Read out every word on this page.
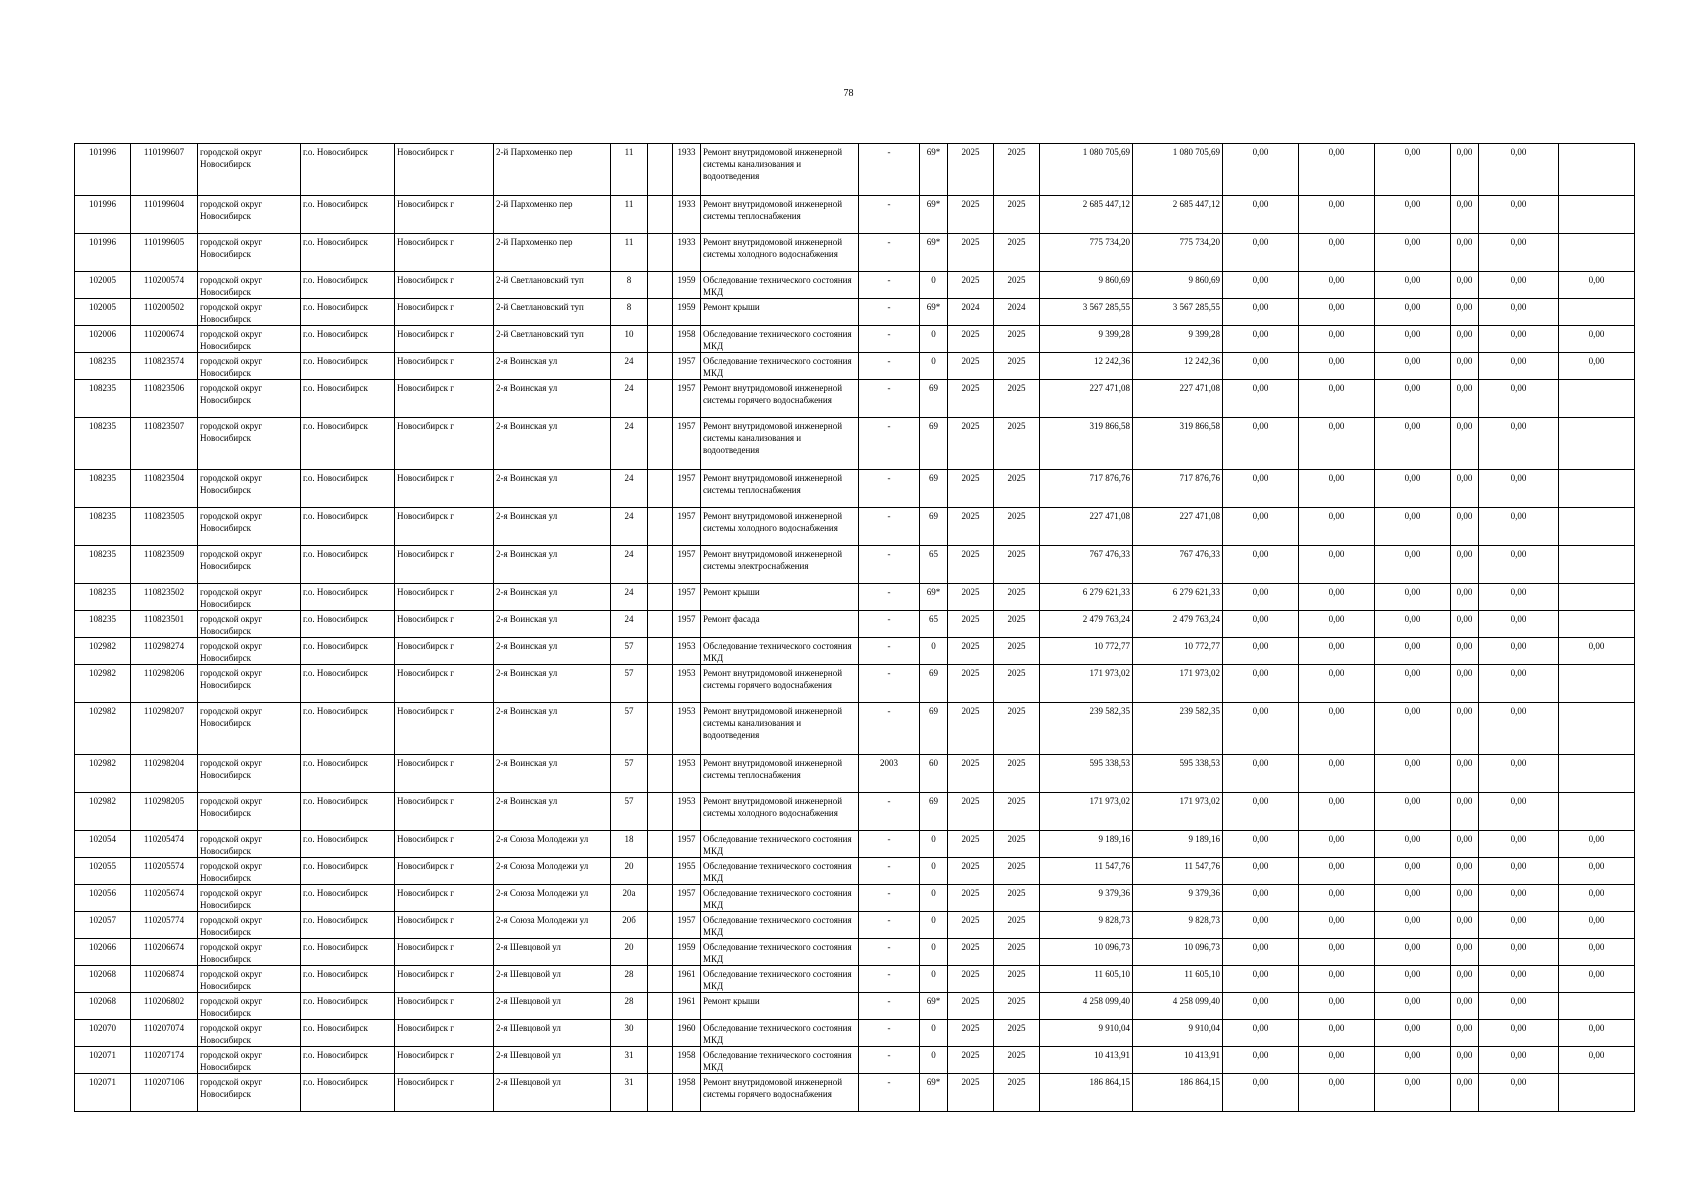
78
101996	110199607	городской округ Новосибирск	г.о. Новосибирск	Новосибирск г	2-й Пархоменко пер	11		1933	Ремонт внутридомовой инженерной системы канализования и водоотведения	-	69*	2025	2025	1 080 705,69	1 080 705,69	0,00	0,00	0,00	0,00	0,00	
101996	110199604	городской округ Новосибирск	г.о. Новосибирск	Новосибирск г	2-й Пархоменко пер	11		1933	Ремонт внутридомовой инженерной системы теплоснабжения	-	69*	2025	2025	2 685 447,12	2 685 447,12	0,00	0,00	0,00	0,00	0,00	
101996	110199605	городской округ Новосибирск	г.о. Новосибирск	Новосибирск г	2-й Пархоменко пер	11		1933	Ремонт внутридомовой инженерной системы холодного водоснабжения	-	69*	2025	2025	775 734,20	775 734,20	0,00	0,00	0,00	0,00	0,00	
102005	110200574	городской округ Новосибирск	г.о. Новосибирск	Новосибирск г	2-й Светлановский туп	8		1959	Обследование технического состояния МКД	-	0	2025	2025	9 860,69	9 860,69	0,00	0,00	0,00	0,00	0,00	0,00
102005	110200502	городской округ Новосибирск	г.о. Новосибирск	Новосибирск г	2-й Светлановский туп	8		1959	Ремонт крыши	-	69*	2024	2024	3 567 285,55	3 567 285,55	0,00	0,00	0,00	0,00	0,00	
102006	110200674	городской округ Новосибирск	г.о. Новосибирск	Новосибирск г	2-й Светлановский туп	10		1958	Обследование технического состояния МКД	-	0	2025	2025	9 399,28	9 399,28	0,00	0,00	0,00	0,00	0,00	0,00
108235	110823574	городской округ Новосибирск	г.о. Новосибирск	Новосибирск г	2-я Воинская ул	24		1957	Обследование технического состояния МКД	-	0	2025	2025	12 242,36	12 242,36	0,00	0,00	0,00	0,00	0,00	0,00
108235	110823506	городской округ Новосибирск	г.о. Новосибирск	Новосибирск г	2-я Воинская ул	24		1957	Ремонт внутридомовой инженерной системы горячего водоснабжения	-	69	2025	2025	227 471,08	227 471,08	0,00	0,00	0,00	0,00	0,00	
108235	110823507	городской округ Новосибирск	г.о. Новосибирск	Новосибирск г	2-я Воинская ул	24		1957	Ремонт внутридомовой инженерной системы канализования и водоотведения	-	69	2025	2025	319 866,58	319 866,58	0,00	0,00	0,00	0,00	0,00	
108235	110823504	городской округ Новосибирск	г.о. Новосибирск	Новосибирск г	2-я Воинская ул	24		1957	Ремонт внутридомовой инженерной системы теплоснабжения	-	69	2025	2025	717 876,76	717 876,76	0,00	0,00	0,00	0,00	0,00	
108235	110823505	городской округ Новосибирск	г.о. Новосибирск	Новосибирск г	2-я Воинская ул	24		1957	Ремонт внутридомовой инженерной системы холодного водоснабжения	-	69	2025	2025	227 471,08	227 471,08	0,00	0,00	0,00	0,00	0,00	
108235	110823509	городской округ Новосибирск	г.о. Новосибирск	Новосибирск г	2-я Воинская ул	24		1957	Ремонт внутридомовой инженерной системы электроснабжения	-	65	2025	2025	767 476,33	767 476,33	0,00	0,00	0,00	0,00	0,00	
108235	110823502	городской округ Новосибирск	г.о. Новосибирск	Новосибирск г	2-я Воинская ул	24		1957	Ремонт крыши	-	69*	2025	2025	6 279 621,33	6 279 621,33	0,00	0,00	0,00	0,00	0,00	
108235	110823501	городской округ Новосибирск	г.о. Новосибирск	Новосибирск г	2-я Воинская ул	24		1957	Ремонт фасада	-	65	2025	2025	2 479 763,24	2 479 763,24	0,00	0,00	0,00	0,00	0,00	
102982	110298274	городской округ Новосибирск	г.о. Новосибирск	Новосибирск г	2-я Воинская ул	57		1953	Обследование технического состояния МКД	-	0	2025	2025	10 772,77	10 772,77	0,00	0,00	0,00	0,00	0,00	0,00
102982	110298206	городской округ Новосибирск	г.о. Новосибирск	Новосибирск г	2-я Воинская ул	57		1953	Ремонт внутридомовой инженерной системы горячего водоснабжения	-	69	2025	2025	171 973,02	171 973,02	0,00	0,00	0,00	0,00	0,00	
102982	110298207	городской округ Новосибирск	г.о. Новосибирск	Новосибирск г	2-я Воинская ул	57		1953	Ремонт внутридомовой инженерной системы канализования и водоотведения	-	69	2025	2025	239 582,35	239 582,35	0,00	0,00	0,00	0,00	0,00	
102982	110298204	городской округ Новосибирск	г.о. Новосибирск	Новосибирск г	2-я Воинская ул	57		1953	Ремонт внутридомовой инженерной системы теплоснабжения	2003	60	2025	2025	595 338,53	595 338,53	0,00	0,00	0,00	0,00	0,00	
102982	110298205	городской округ Новосибирск	г.о. Новосибирск	Новосибирск г	2-я Воинская ул	57		1953	Ремонт внутридомовой инженерной системы холодного водоснабжения	-	69	2025	2025	171 973,02	171 973,02	0,00	0,00	0,00	0,00	0,00	
102054	110205474	городской округ Новосибирск	г.о. Новосибирск	Новосибирск г	2-я Союза Молодежи ул	18		1957	Обследование технического состояния МКД	-	0	2025	2025	9 189,16	9 189,16	0,00	0,00	0,00	0,00	0,00	0,00
102055	110205574	городской округ Новосибирск	г.о. Новосибирск	Новосибирск г	2-я Союза Молодежи ул	20		1955	Обследование технического состояния МКД	-	0	2025	2025	11 547,76	11 547,76	0,00	0,00	0,00	0,00	0,00	0,00
102056	110205674	городской округ Новосибирск	г.о. Новосибирск	Новосибирск г	2-я Союза Молодежи ул	20а		1957	Обследование технического состояния МКД	-	0	2025	2025	9 379,36	9 379,36	0,00	0,00	0,00	0,00	0,00	0,00
102057	110205774	городской округ Новосибирск	г.о. Новосибирск	Новосибирск г	2-я Союза Молодежи ул	20б		1957	Обследование технического состояния МКД	-	0	2025	2025	9 828,73	9 828,73	0,00	0,00	0,00	0,00	0,00	0,00
102066	110206674	городской округ Новосибирск	г.о. Новосибирск	Новосибирск г	2-я Шевцовой ул	20		1959	Обследование технического состояния МКД	-	0	2025	2025	10 096,73	10 096,73	0,00	0,00	0,00	0,00	0,00	0,00
102068	110206874	городской округ Новосибирск	г.о. Новосибирск	Новосибирск г	2-я Шевцовой ул	28		1961	Обследование технического состояния МКД	-	0	2025	2025	11 605,10	11 605,10	0,00	0,00	0,00	0,00	0,00	0,00
102068	110206802	городской округ Новосибирск	г.о. Новосибирск	Новосибирск г	2-я Шевцовой ул	28		1961	Ремонт крыши	-	69*	2025	2025	4 258 099,40	4 258 099,40	0,00	0,00	0,00	0,00	0,00	
102070	110207074	городской округ Новосибирск	г.о. Новосибирск	Новосибирск г	2-я Шевцовой ул	30		1960	Обследование технического состояния МКД	-	0	2025	2025	9 910,04	9 910,04	0,00	0,00	0,00	0,00	0,00	0,00
102071	110207174	городской округ Новосибирск	г.о. Новосибирск	Новосибирск г	2-я Шевцовой ул	31		1958	Обследование технического состояния МКД	-	0	2025	2025	10 413,91	10 413,91	0,00	0,00	0,00	0,00	0,00	0,00
102071	110207106	городской округ Новосибирск	г.о. Новосибирск	Новосибирск г	2-я Шевцовой ул	31		1958	Ремонт внутридомовой инженерной системы горячего водоснабжения	-	69*	2025	2025	186 864,15	186 864,15	0,00	0,00	0,00	0,00	0,00	
